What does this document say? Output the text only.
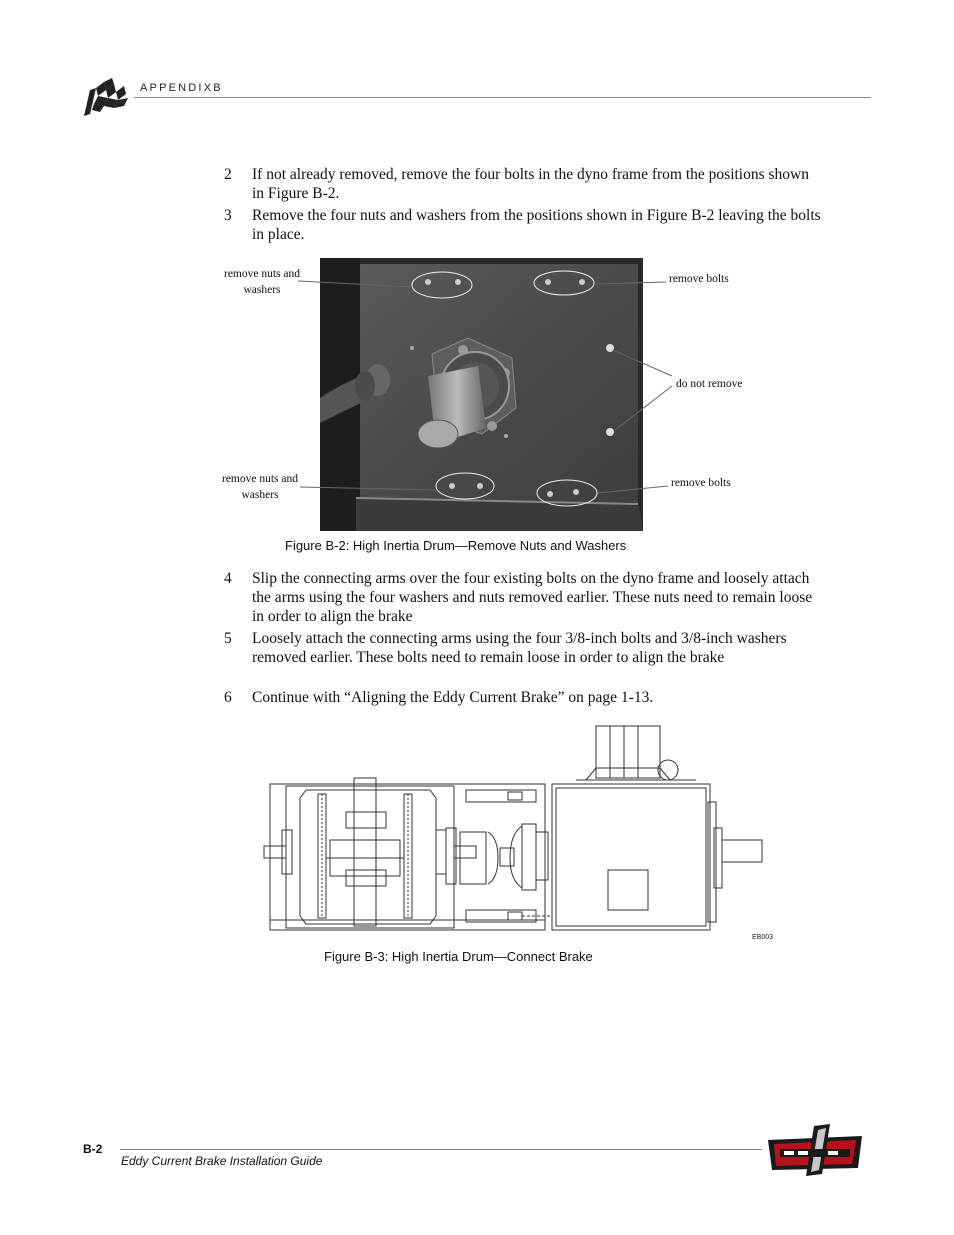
APPENDIXB
2 If not already removed, remove the four bolts in the dyno frame from the positions shown in Figure B-2.
3 Remove the four nuts and washers from the positions shown in Figure B-2 leaving the bolts in place.
remove nuts and washers
remove bolts
do not remove
remove nuts and washers
remove bolts
Figure B-2: High Inertia Drum—Remove Nuts and Washers
4 Slip the connecting arms over the four existing bolts on the dyno frame and loosely attach the arms using the four washers and nuts removed earlier. These nuts need to remain loose in order to align the brake
5 Loosely attach the connecting arms using the four 3/8-inch bolts and 3/8-inch washers removed earlier. These bolts need to remain loose in order to align the brake
6 Continue with “Aligning the Eddy Current Brake” on page 1-13.
EB003
Figure B-3: High Inertia Drum—Connect Brake
B-2
Eddy Current Brake Installation Guide
